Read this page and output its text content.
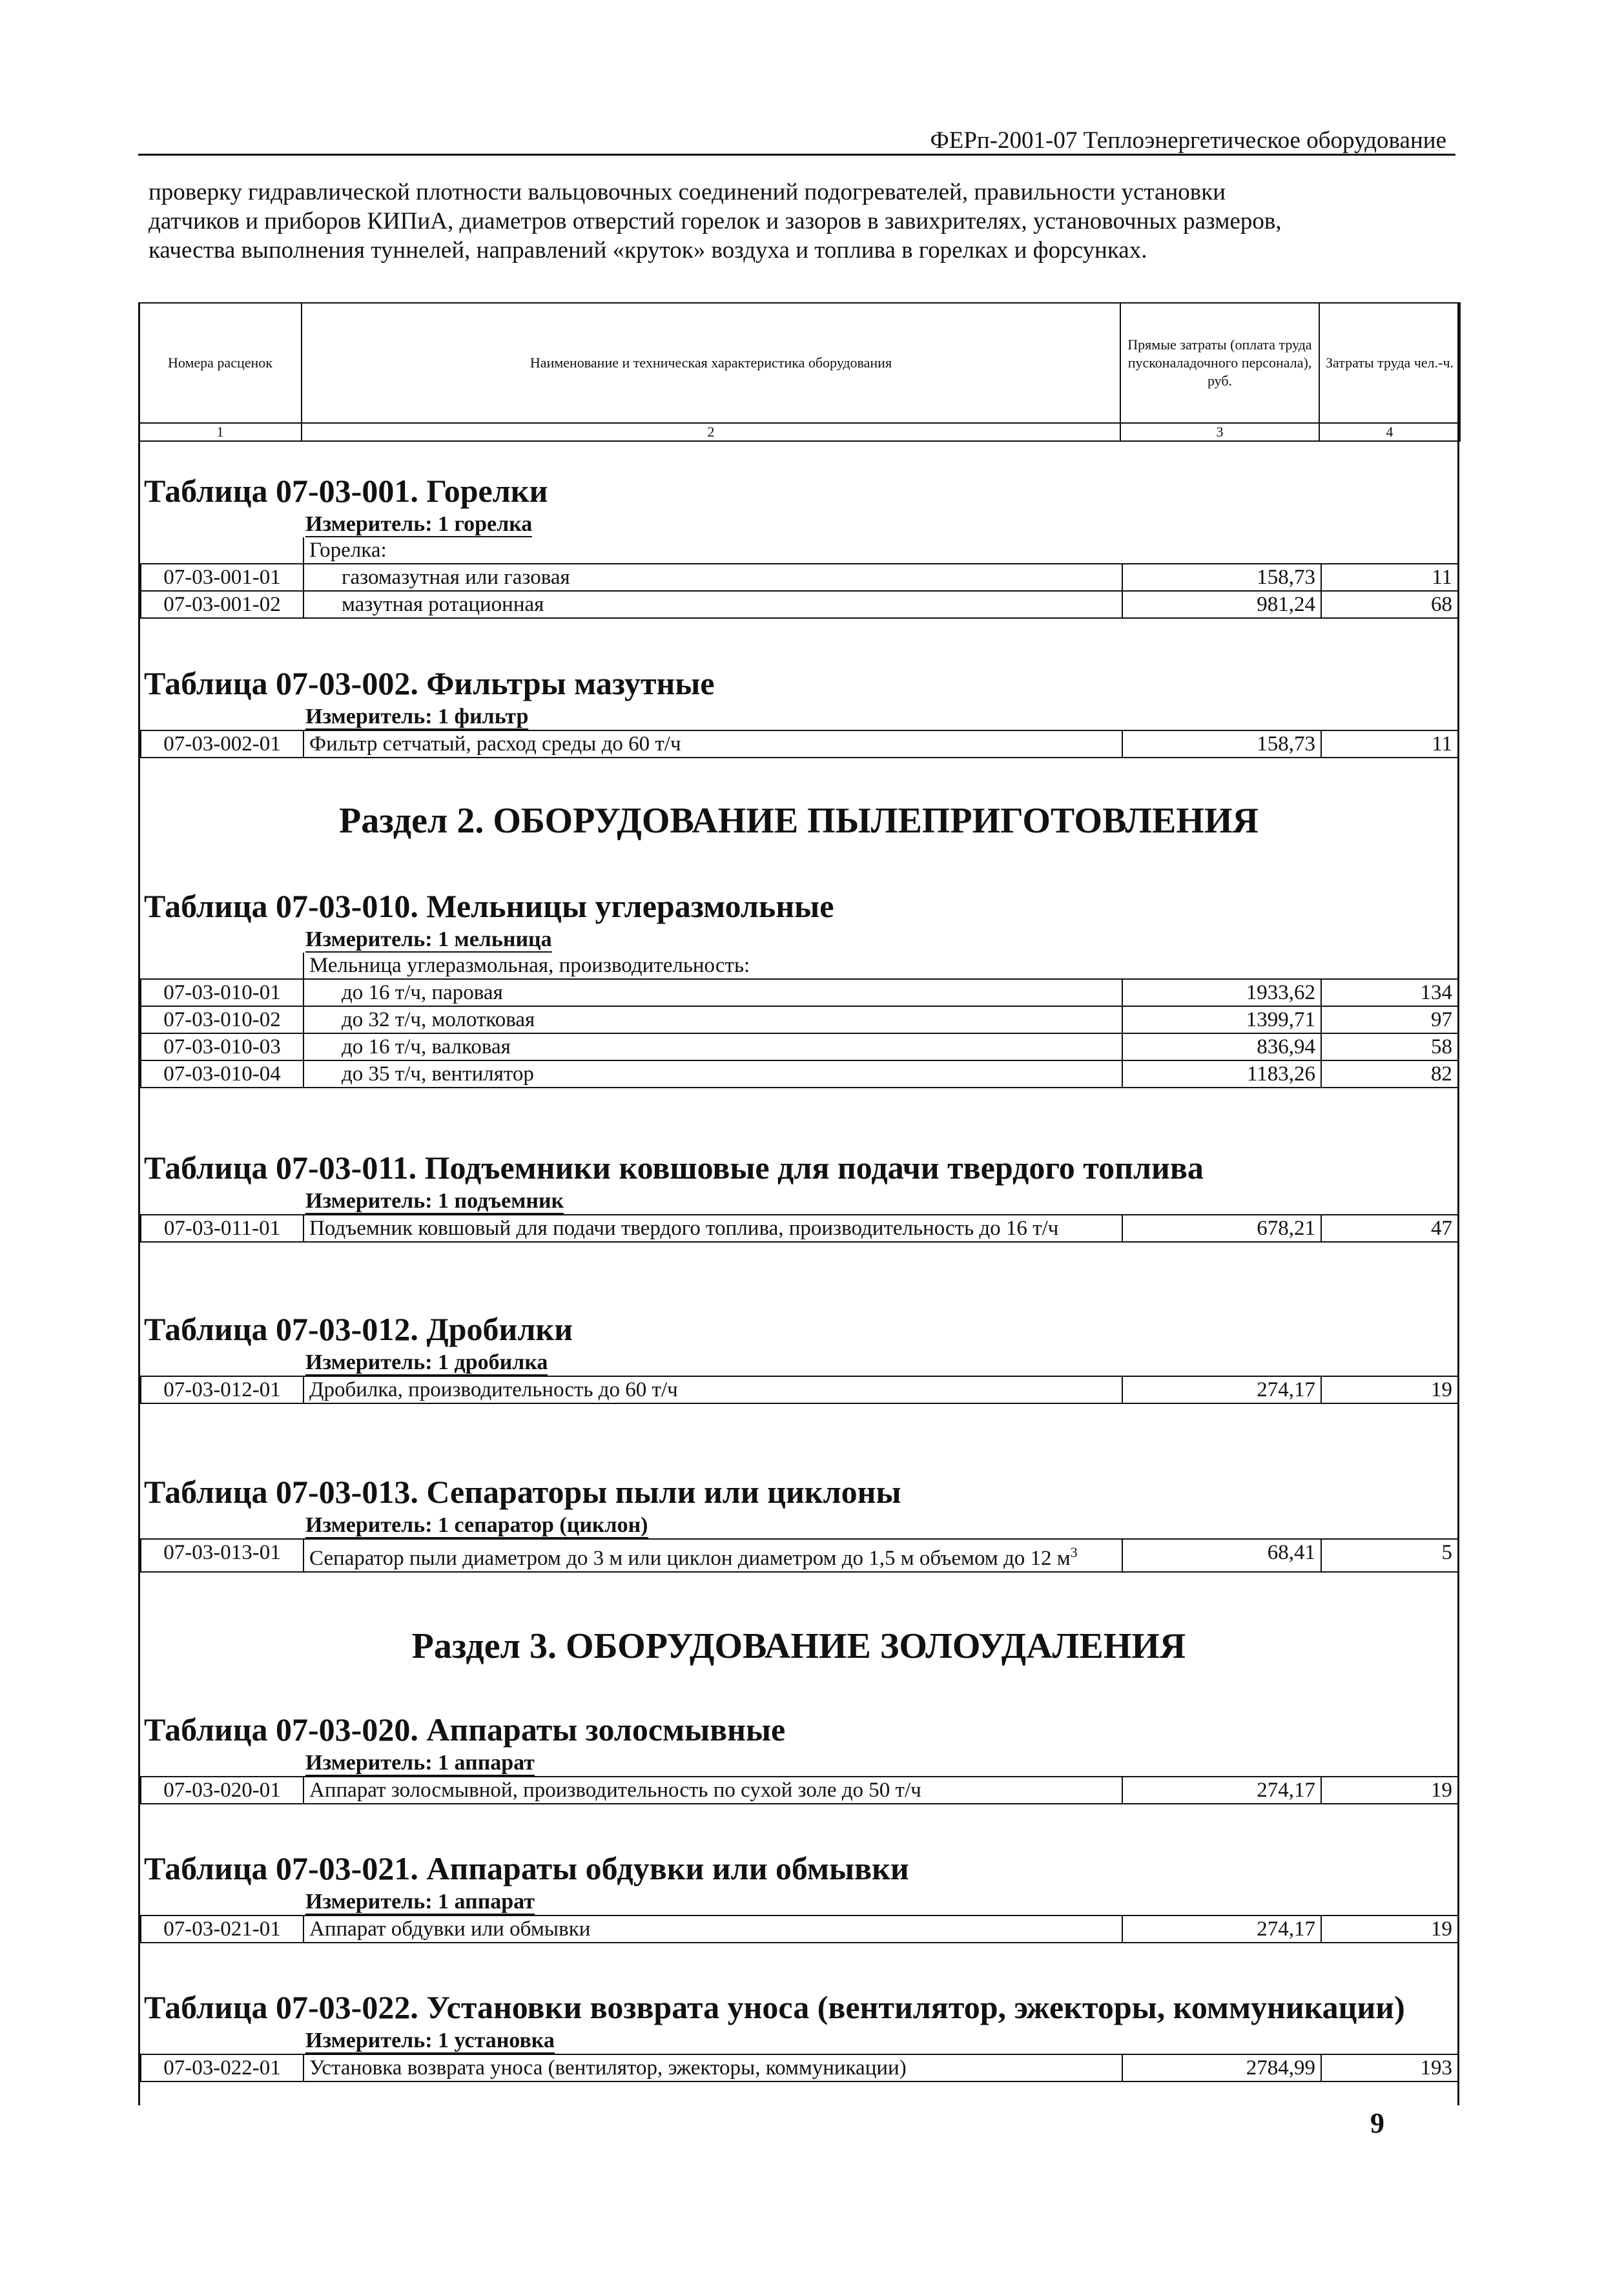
ФЕРп-2001-07 Теплоэнергетическое оборудование

проверку гидравлической плотности вальцовочных соединений подогревателей, правильности установки

датчиков и приборов КИПиА, диаметров отверстий горелок и зазоров в завихрителях, установочных размеров,

качества выполнения туннелей, направлений «круток» воздуха и топлива в горелках и форсунках.

Таблица 07-03-001. Горелки
Измеритель: 1 горелка
	Горелка:		
07-03-001-01	газомазутная или газовая	158,73	11
07-03-001-02	мазутная ротационная	981,24	68
Таблица 07-03-002. Фильтры мазутные
Измеритель: 1 фильтр
07-03-002-01	Фильтр сетчатый, расход среды до 60 т/ч	158,73	11
Раздел 2. ОБОРУДОВАНИЕ ПЫЛЕПРИГОТОВЛЕНИЯ
Таблица 07-03-010. Мельницы углеразмольные
Измеритель: 1 мельница
	Мельница углеразмольная, производительность:		
07-03-010-01	до 16 т/ч, паровая	1933,62	134
07-03-010-02	до 32 т/ч, молотковая	1399,71	97
07-03-010-03	до 16 т/ч, валковая	836,94	58
07-03-010-04	до 35 т/ч, вентилятор	1183,26	82
Таблица 07-03-011. Подъемники ковшовые для подачи твердого топлива
Измеритель: 1 подъемник
07-03-011-01	Подъемник ковшовый для подачи твердого топлива, производительность до 16 т/ч	678,21	47
Таблица 07-03-012. Дробилки
Измеритель: 1 дробилка
07-03-012-01	Дробилка, производительность до 60 т/ч	274,17	19
Таблица 07-03-013. Сепараторы пыли или циклоны
Измеритель: 1 сепаратор (циклон)
07-03-013-01	Сепаратор пыли диаметром до 3 м или циклон диаметром до 1,5 м объемом до 12 $м^3$	68,41	5
Раздел 3. ОБОРУДОВАНИЕ ЗОЛОУДАЛЕНИЯ
Таблица 07-03-020. Аппараты золосмывные
Измеритель: 1 аппарат
07-03-020-01	Аппарат золосмывной, производительность по сухой золе до 50 т/ч	274,17	19
Таблица 07-03-021. Аппараты обдувки или обмывки
Измеритель: 1 аппарат
07-03-021-01	Аппарат обдувки или обмывки	274,17	19
Таблица 07-03-022. Установки возврата уноса (вентилятор, эжекторы, коммуникации)
Измеритель: 1 установка
07-03-022-01	Установка возврата уноса (вентилятор, эжекторы, коммуникации)	2784,99	193
Номера расценок	Наименование и техническая характеристика оборудования	Прямые затраты (оплата труда пусконаладочного персонала), руб.	Затраты труда чел.-ч.
1	2	3	4
9
